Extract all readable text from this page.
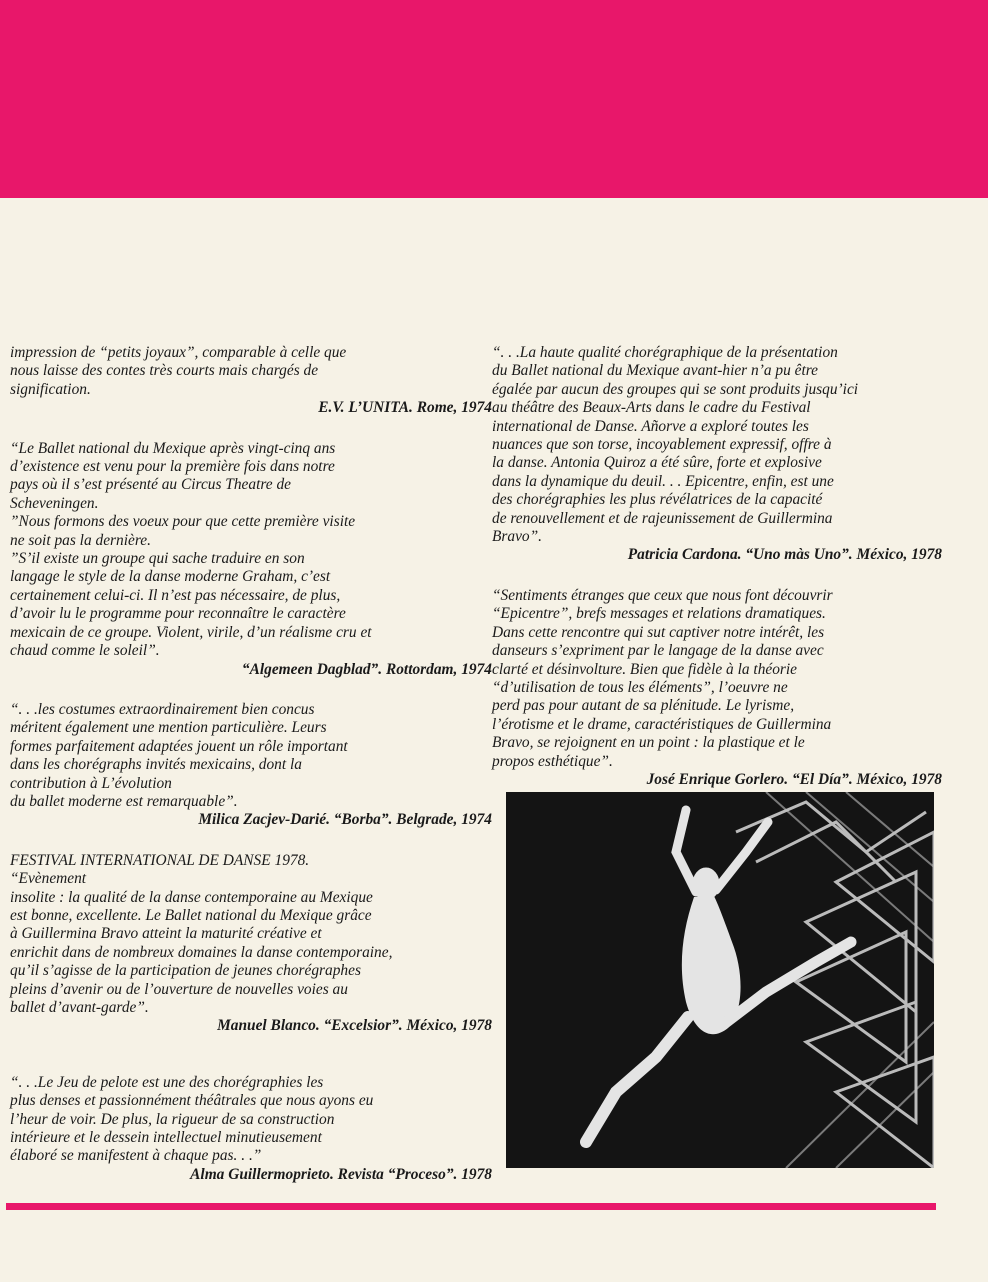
impression de “petits joyaux”, comparable à celle que
nous laisse des contes très courts mais chargés de
signification.
E.V. L’UNITA. Rome, 1974
“Le Ballet national du Mexique après vingt-cinq ans
d’existence est venu pour la première fois dans notre
pays où il s’est présenté au Circus Theatre de
Scheveningen.
”Nous formons des voeux pour que cette première visite
ne soit pas la dernière.
”S’il existe un groupe qui sache traduire en son
langage le style de la danse moderne Graham, c’est
certainement celui-ci. Il n’est pas nécessaire, de plus,
d’avoir lu le programme pour reconnaître le caractère
mexicain de ce groupe. Violent, virile, d’un réalisme cru et
chaud comme le soleil”.
“Algemeen Dagblad”. Rottordam, 1974
“. . .les costumes extraordinairement bien concus
méritent également une mention particulière. Leurs
formes parfaitement adaptées jouent un rôle important
dans les chorégraphs invités mexicains, dont la
contribution à L’évolution
du ballet moderne est remarquable”.
Milica Zacjev-Darié. “Borba”. Belgrade, 1974
FESTIVAL INTERNATIONAL DE DANSE 1978.
“Evènement
insolite : la qualité de la danse contemporaine au Mexique
est bonne, excellente. Le Ballet national du Mexique grâce
à Guillermina Bravo atteint la maturité créative et
enrichit dans de nombreux domaines la danse contemporaine,
qu’il s’agisse de la participation de jeunes chorégraphes
pleins d’avenir ou de l’ouverture de nouvelles voies au
ballet d’avant-garde”.
Manuel Blanco. “Excelsior”. México, 1978
“. . .Le Jeu de pelote est une des chorégraphies les
plus denses et passionnément théâtrales que nous ayons eu
l’heur de voir. De plus, la rigueur de sa construction
intérieure et le dessein intellectuel minutieusement
élaboré se manifestent à chaque pas. . .”
Alma Guillermoprieto. Revista “Proceso”. 1978
“. . .La haute qualité chorégraphique de la présentation
du Ballet national du Mexique avant-hier n’a pu être
égalée par aucun des groupes qui se sont produits jusqu’ici
au théâtre des Beaux-Arts dans le cadre du Festival
international de Danse. Añorve a exploré toutes les
nuances que son torse, incoyablement expressif, offre à
la danse. Antonia Quiroz a été sûre, forte et explosive
dans la dynamique du deuil. . . Epicentre, enfin, est une
des chorégraphies les plus révélatrices de la capacité
de renouvellement et de rajeunissement de Guillermina
Bravo”.
Patricia Cardona. “Uno màs Uno”. México, 1978
“Sentiments étranges que ceux que nous font découvrir
“Epicentre”, brefs messages et relations dramatiques.
Dans cette rencontre qui sut captiver notre intérêt, les
danseurs s’expriment par le langage de la danse avec
clarté et désinvolture. Bien que fidèle à la théorie
“d’utilisation de tous les éléments”, l’oeuvre ne
perd pas pour autant de sa plénitude. Le lyrisme,
l’érotisme et le drame, caractéristiques de Guillermina
Bravo, se rejoignent en un point : la plastique et le
propos esthétique”.
José Enrique Gorlero. “El Día”. México, 1978
